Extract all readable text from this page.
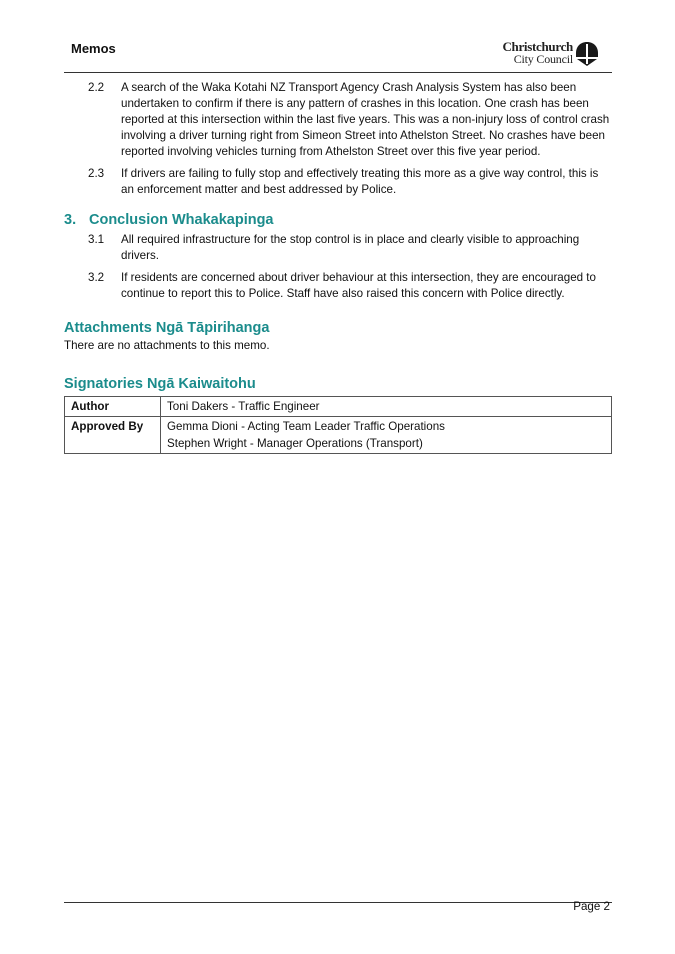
Memos	Christchurch
City Council
2.2	A search of the Waka Kotahi NZ Transport Agency Crash Analysis System has also been undertaken to confirm if there is any pattern of crashes in this location. One crash has been reported at this intersection within the last five years. This was a non-injury loss of control crash involving a driver turning right from Simeon Street into Athelston Street. No crashes have been reported involving vehicles turning from Athelston Street over this five year period.
2.3	If drivers are failing to fully stop and effectively treating this more as a give way control, this is an enforcement matter and best addressed by Police.
3. Conclusion Whakakapinga
3.1	All required infrastructure for the stop control is in place and clearly visible to approaching drivers.
3.2	If residents are concerned about driver behaviour at this intersection, they are encouraged to continue to report this to Police. Staff have also raised this concern with Police directly.
Attachments Ngā Tāpirihanga

There are no attachments to this memo.

Signatories Ngā Kaiwaitohu
Author	Toni Dakers - Traffic Engineer

Approved By	Gemma Dioni - Acting Team Leader Traffic Operations
Stephen Wright - Manager Operations (Transport)
Page 2
